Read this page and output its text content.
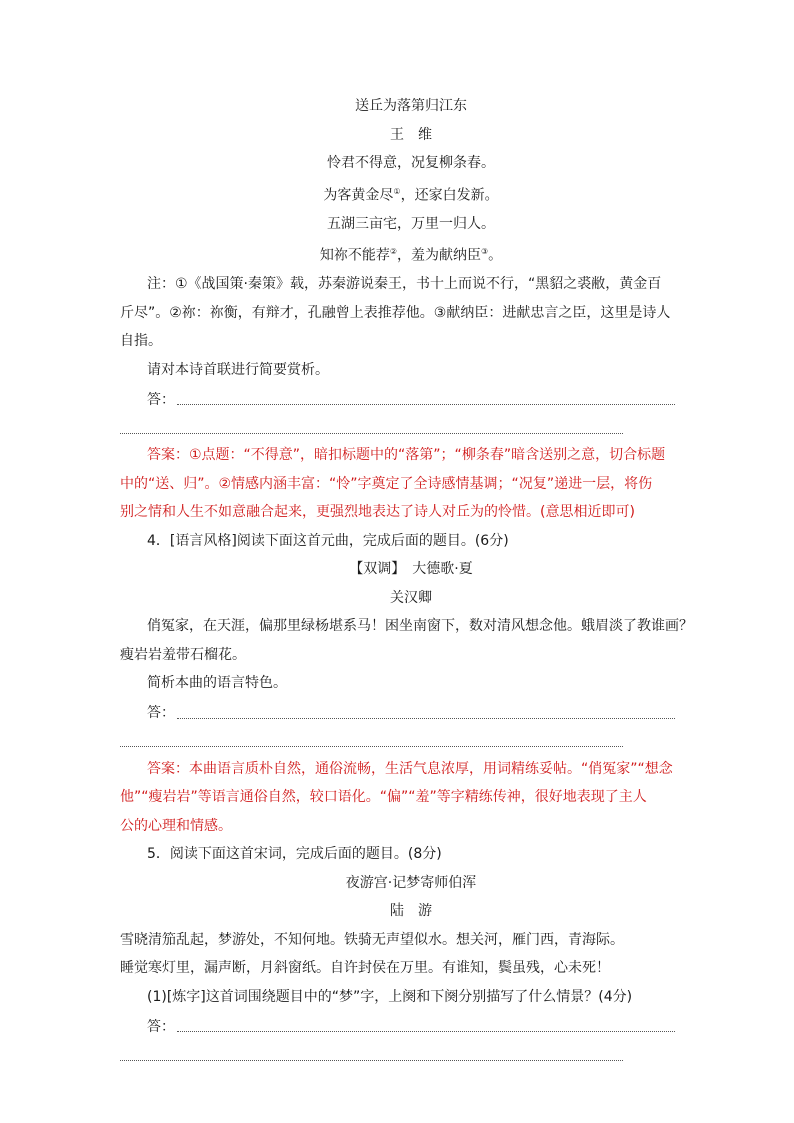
送丘为落第归江东
王　维
怜君不得意，况复柳条春。
为客黄金尽①，还家白发新。
五湖三亩宅，万里一归人。
知祢不能荐②，羞为献纳臣③。
注：①《战国策·秦策》载，苏秦游说秦王，书十上而说不行，“黑貂之裘敝，黄金百
斤尽”。②祢：祢衡，有辩才，孔融曾上表推荐他。③献纳臣：进献忠言之臣，这里是诗人
自指。
请对本诗首联进行简要赏析。
答：
答案：①点题：“不得意”，暗扣标题中的“落第”；“柳条春”暗含送别之意，切合标题
中的“送、归”。②情感内涵丰富：“怜”字奠定了全诗感情基调；“况复”递进一层，将伤
别之情和人生不如意融合起来，更强烈地表达了诗人对丘为的怜惜。(意思相近即可)
4．[语言风格]阅读下面这首元曲，完成后面的题目。(6分)
【双调】　大德歌·夏
关汉卿
俏冤家，在天涯，偏那里绿杨堪系马！困坐南窗下，数对清风想念他。蛾眉淡了教谁画？
瘦岩岩羞带石榴花。
简析本曲的语言特色。
答：
答案：本曲语言质朴自然，通俗流畅，生活气息浓厚，用词精练妥帖。“俏冤家”“想念
他”“瘦岩岩”等语言通俗自然，较口语化。“偏”“羞”等字精练传神，很好地表现了主人
公的心理和情感。
5．阅读下面这首宋词，完成后面的题目。(8分)
夜游宫·记梦寄师伯浑
陆　游
雪晓清笳乱起，梦游处，不知何地。铁骑无声望似水。想关河，雁门西，青海际。
睡觉寒灯里，漏声断，月斜窗纸。自许封侯在万里。有谁知，鬓虽残，心未死！
(1)[炼字]这首词围绕题目中的“梦”字，上阕和下阕分别描写了什么情景？(4分)
答：
